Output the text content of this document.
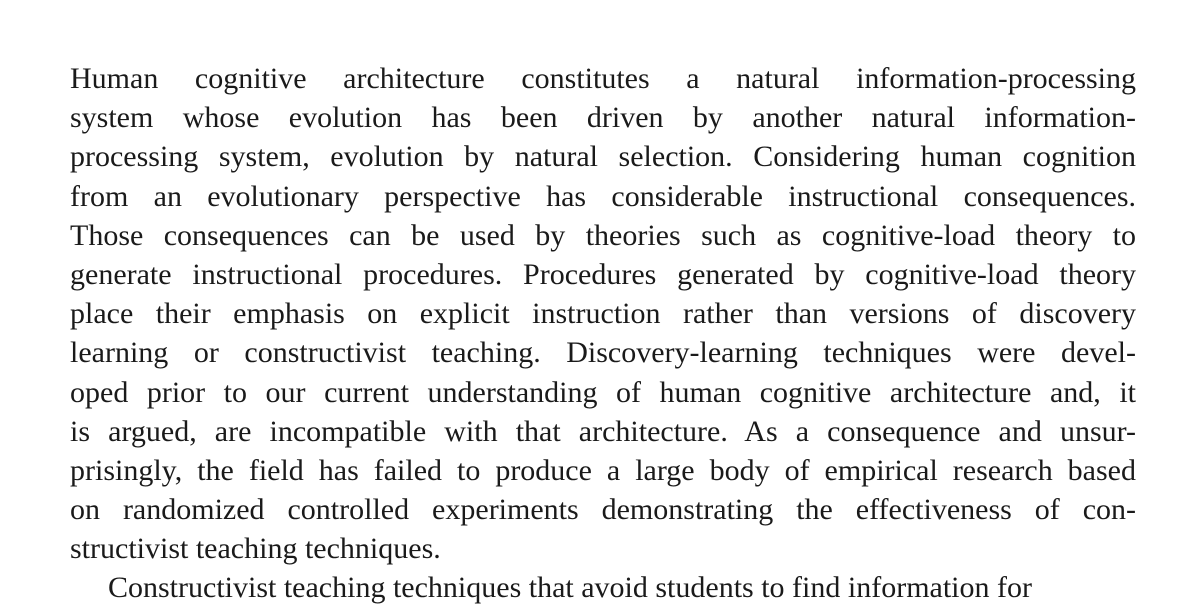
Human cognitive architecture constitutes a natural information-processing
system whose evolution has been driven by another natural information-
processing system, evolution by natural selection. Considering human cognition
from an evolutionary perspective has considerable instructional consequences.
Those consequences can be used by theories such as cognitive-load theory to
generate instructional procedures. Procedures generated by cognitive-load theory
place their emphasis on explicit instruction rather than versions of discovery
learning or constructivist teaching. Discovery-learning techniques were devel-
oped prior to our current understanding of human cognitive architecture and, it
is argued, are incompatible with that architecture. As a consequence and unsur-
prisingly, the field has failed to produce a large body of empirical research based
on randomized controlled experiments demonstrating the effectiveness of con-
structivist teaching techniques.
Constructivist teaching techniques that avoid students to find information for
